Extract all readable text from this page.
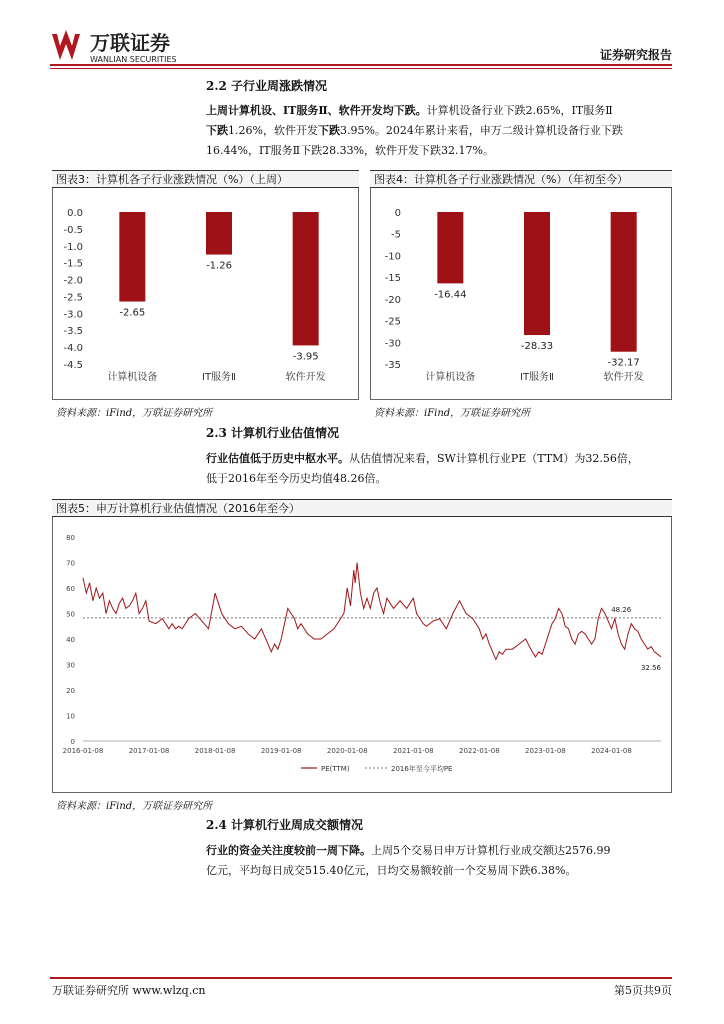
万联证券
WANLIAN SECURITIES	证券研究报告
2.2 子行业周涨跌情况
上周计算机设、IT服务Ⅱ、软件开发均下跌。计算机设备行业下跌2.65%，IT服务Ⅱ
下跌1.26%，软件开发下跌3.95%。2024年累计来看，申万二级计算机设备行业下跌
16.44%，IT服务Ⅱ下跌28.33%，软件开发下跌32.17%。
图表3：计算机各子行业涨跌情况（%）（上周）
0.0
-0.5
-1.0
-1.5
-2.0
-2.5
-3.0
-3.5
-4.0
-4.5
-2.65
计算机设备
-1.26
IT服务Ⅱ
-3.95
软件开发
资料来源：iFind，万联证券研究所
图表4：计算机各子行业涨跌情况（%）（年初至今）
0
-5
-10
-15
-20
-25
-30
-35
-16.44
计算机设备
-28.33
IT服务Ⅱ
-32.17
软件开发
资料来源：iFind，万联证券研究所
2.3 计算机行业估值情况
行业估值低于历史中枢水平。从估值情况来看，SW计算机行业PE（TTM）为32.56倍，
低于2016年至今历史均值48.26倍。
图表5：申万计算机行业估值情况（2016年至今）
0
10
20
30
40
50
60
70
80
2016-01-08	2017-01-08	2018-01-08	2019-01-08	2020-01-08	2021-01-08	2022-01-08	2023-01-08	2024-01-08
48.26
32.56
PE(TTM)	2016年至今平均PE
资料来源：iFind，万联证券研究所
2.4 计算机行业周成交额情况
行业的资金关注度较前一周下降。上周5个交易日申万计算机行业成交额达2576.99
亿元，平均每日成交515.40亿元，日均交易额较前一个交易周下跌6.38%。
万联证券研究所 www.wlzq.cn	第5页共9页
